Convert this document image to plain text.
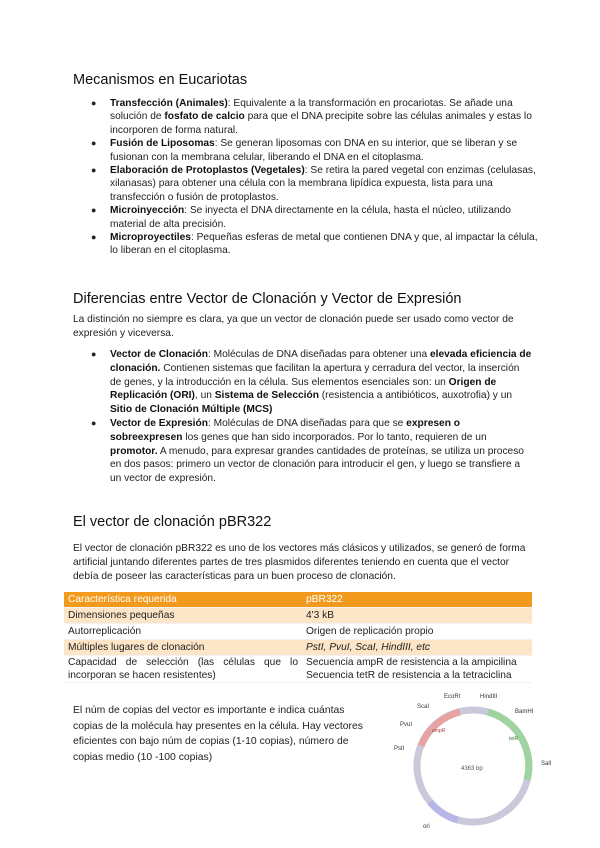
Mecanismos en Eucariotas
● Transfección (Animales): Equivalente a la transformación en procariotas. Se añade una solución de fosfato de calcio para que el DNA precipite sobre las células animales y estas lo incorporen de forma natural.
● Fusión de Liposomas: Se generan liposomas con DNA en su interior, que se liberan y se fusionan con la membrana celular, liberando el DNA en el citoplasma.
● Elaboración de Protoplastos (Vegetales): Se retira la pared vegetal con enzimas (celulasas, xilanasas) para obtener una célula con la membrana lipídica expuesta, lista para una transfección o fusión de protoplastos.
● Microinyección: Se inyecta el DNA directamente en la célula, hasta el núcleo, utilizando material de alta precisión.
● Microproyectiles: Pequeñas esferas de metal que contienen DNA y que, al impactar la célula, lo liberan en el citoplasma.
Diferencias entre Vector de Clonación y Vector de Expresión

La distinción no siempre es clara, ya que un vector de clonación puede ser usado como vector de expresión y viceversa.

● Vector de Clonación: Moléculas de DNA diseñadas para obtener una elevada eficiencia de clonación. Contienen sistemas que facilitan la apertura y cerradura del vector, la inserción de genes, y la introducción en la célula. Sus elementos esenciales son: un Origen de Replicación (ORI), un Sistema de Selección (resistencia a antibióticos, auxotrofia) y un Sitio de Clonación Múltiple (MCS)
● Vector de Expresión: Moléculas de DNA diseñadas para que se expresen o sobreexpresen los genes que han sido incorporados. Por lo tanto, requieren de un promotor. A menudo, para expresar grandes cantidades de proteínas, se utiliza un proceso en dos pasos: primero un vector de clonación para introducir el gen, y luego se transfiere a un vector de expresión.
El vector de clonación pBR322

El vector de clonación pBR322 es uno de los vectores más clásicos y utilizados, se generó de forma artificial juntando diferentes partes de tres plasmidos diferentes teniendo en cuenta que el vector debía de poseer las características para un buen proceso de clonación.

Característica requerida	pBR322
Dimensiones pequeñas	4'3 kB
Autorreplicación	Origen de replicación propio
Múltiples lugares de clonación	PstI, PvuI, ScaI, HindIII, etc
Capacidad de selección (las células que lo incorporan se hacen resistentes)	Secuencia ampR de resistencia a la ampicilina
Secuencia tetR de resistencia a la tetraciclina

El núm de copias del vector es importante e indica cuántas copias de la molécula hay presentes en la célula. Hay vectores eficientes con bajo núm de copias (1-10 copias), número de copias medio (10 -100 copias)

4363 bp
EcoRI	HindIII
BamHI
SalI
ScaI
PvuI
PstI
ampR
tetR
ori
